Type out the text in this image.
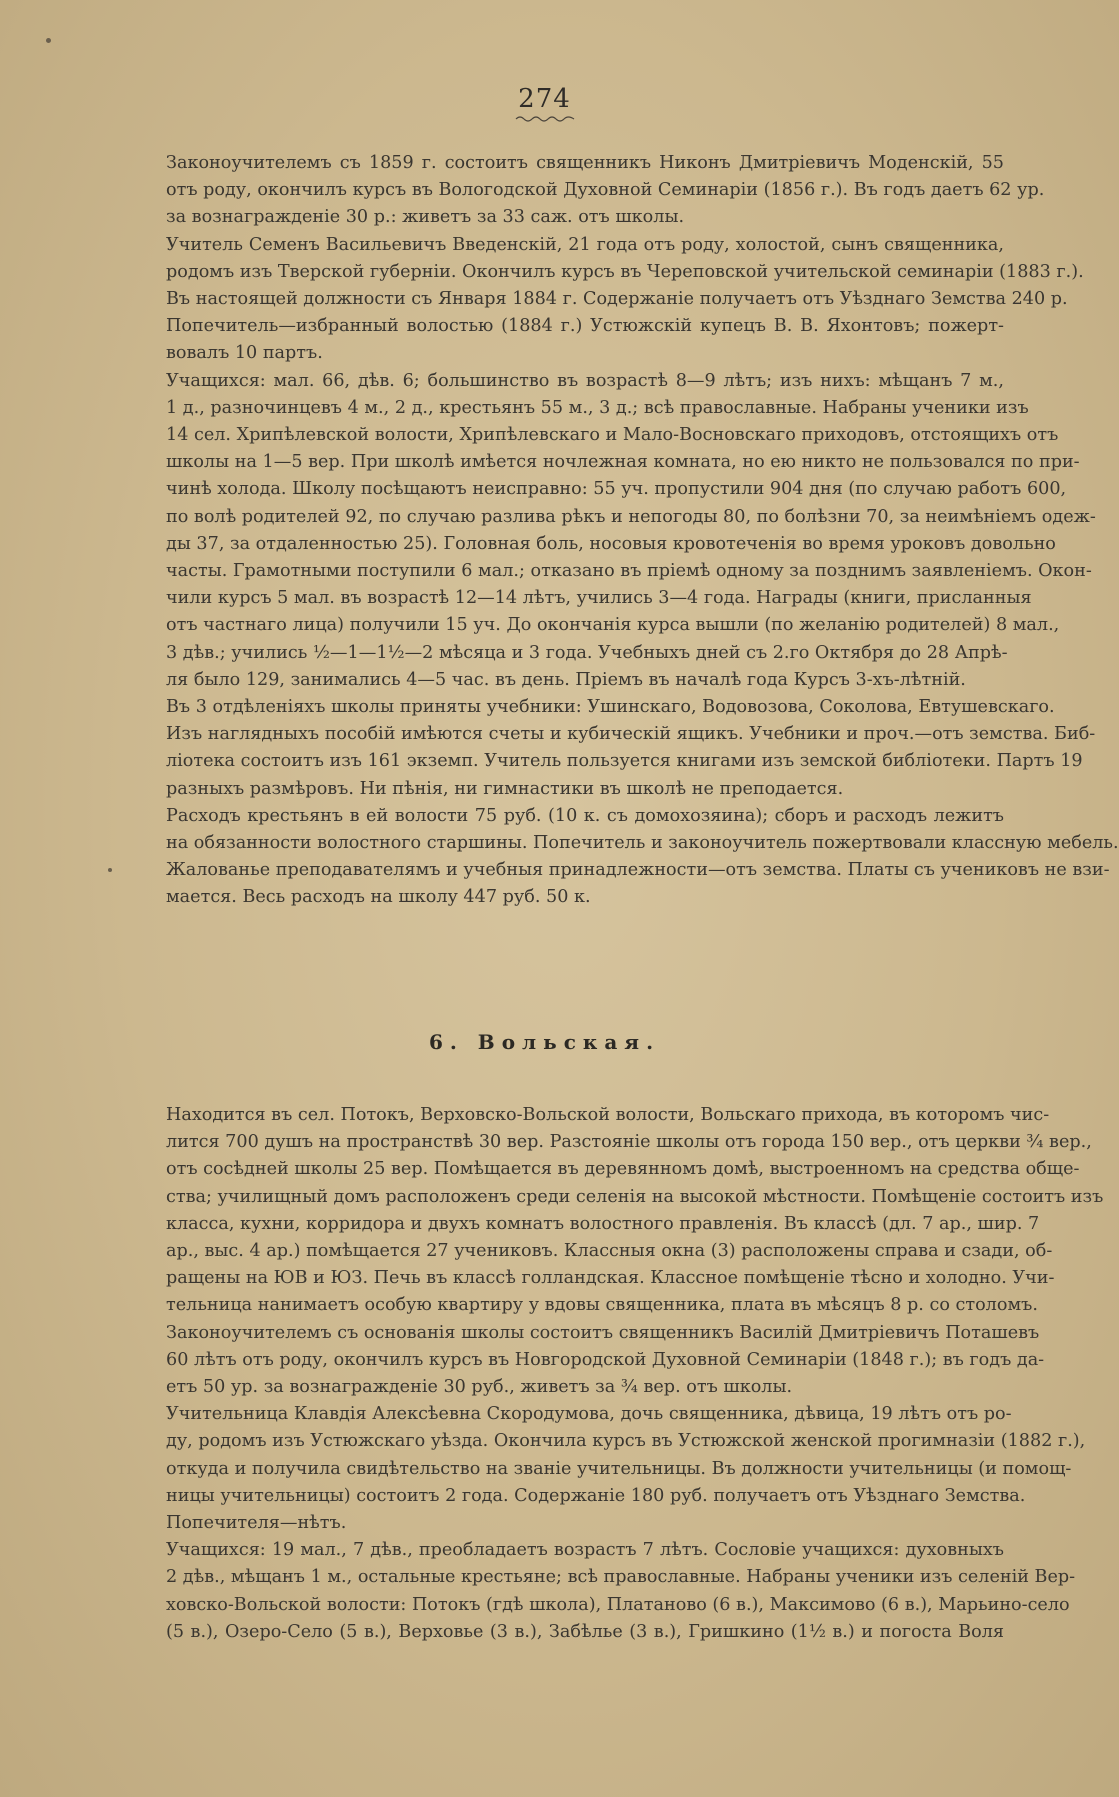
274
Законоучителемъ съ 1859 г. состоитъ священникъ Никонъ Дмитріевичъ Моденскій, 55
отъ роду, окончилъ курсъ въ Вологодской Духовной Семинаріи (1856 г.). Въ годъ даетъ 62 ур.
за вознагражденіе 30 р.: живетъ за 33 саж. отъ школы.
Учитель Семенъ Васильевичъ Введенскій, 21 года отъ роду, холостой, сынъ священника,
родомъ изъ Тверской губерніи. Окончилъ курсъ въ Череповской учительской семинаріи (1883 г.).
Въ настоящей должности съ Января 1884 г. Содержаніе получаетъ отъ Уѣзднаго Земства 240 р.
Попечитель—избранный волостью (1884 г.) Устюжскій купецъ В. В. Яхонтовъ; пожерт-
вовалъ 10 партъ.
Учащихся: мал. 66, дѣв. 6; большинство въ возрастѣ 8—9 лѣтъ; изъ нихъ: мѣщанъ 7 м.,
1 д., разночинцевъ 4 м., 2 д., крестьянъ 55 м., 3 д.; всѣ православные. Набраны ученики изъ
14 сел. Хрипѣлевской волости, Хрипѣлевскаго и Мало-Восновскаго приходовъ, отстоящихъ отъ
школы на 1—5 вер. При школѣ имѣется ночлежная комната, но ею никто не пользовался по при-
чинѣ холода. Школу посѣщаютъ неисправно: 55 уч. пропустили 904 дня (по случаю работъ 600,
по волѣ родителей 92, по случаю разлива рѣкъ и непогоды 80, по болѣзни 70, за неимѣніемъ одеж-
ды 37, за отдаленностью 25). Головная боль, носовыя кровотеченія во время уроковъ довольно
часты. Грамотными поступили 6 мал.; отказано въ пріемѣ одному за позднимъ заявленіемъ. Окон-
чили курсъ 5 мал. въ возрастѣ 12—14 лѣтъ, учились 3—4 года. Награды (книги, присланныя
отъ частнаго лица) получили 15 уч. До окончанія курса вышли (по желанію родителей) 8 мал.,
3 дѣв.; учились ½—1—1½—2 мѣсяца и 3 года. Учебныхъ дней съ 2.го Октября до 28 Апрѣ-
ля было 129, занимались 4—5 час. въ день. Пріемъ въ началѣ года Курсъ 3-хъ-лѣтній.
Въ 3 отдѣленіяхъ школы приняты учебники: Ушинскаго, Водовозова, Соколова, Евтушевскаго.
Изъ наглядныхъ пособій имѣются счеты и кубическій ящикъ. Учебники и проч.—отъ земства. Биб-
ліотека состоитъ изъ 161 экземп. Учитель пользуется книгами изъ земской библіотеки. Партъ 19
разныхъ размѣровъ. Ни пѣнія, ни гимнастики въ школѣ не преподается.
Расходъ крестьянъ в ей волости 75 руб. (10 к. съ домохозяина); сборъ и расходъ лежитъ
на обязанности волостного старшины. Попечитель и законоучитель пожертвовали классную мебель.
Жалованье преподавателямъ и учебныя принадлежности—отъ земства. Платы съ учениковъ не взи-
мается. Весь расходъ на школу 447 руб. 50 к.
6. Вольская.
Находится въ сел. Потокъ, Верховско-Вольской волости, Вольскаго прихода, въ которомъ чис-
лится 700 душъ на пространствѣ 30 вер. Разстояніе школы отъ города 150 вер., отъ церкви ¾ вер.,
отъ сосѣдней школы 25 вер. Помѣщается въ деревянномъ домѣ, выстроенномъ на средства обще-
ства; училищный домъ расположенъ среди селенія на высокой мѣстности. Помѣщеніе состоитъ изъ
класса, кухни, корридора и двухъ комнатъ волостного правленія. Въ классѣ (дл. 7 ар., шир. 7
ар., выс. 4 ар.) помѣщается 27 учениковъ. Классныя окна (3) расположены справа и сзади, об-
ращены на ЮВ и ЮЗ. Печь въ классѣ голландская. Классное помѣщеніе тѣсно и холодно. Учи-
тельница нанимаетъ особую квартиру у вдовы священника, плата въ мѣсяцъ 8 р. со столомъ.
Законоучителемъ съ основанія школы состоитъ священникъ Василій Дмитріевичъ Поташевъ
60 лѣтъ отъ роду, окончилъ курсъ въ Новгородской Духовной Семинаріи (1848 г.); въ годъ да-
етъ 50 ур. за вознагражденіе 30 руб., живетъ за ¾ вер. отъ школы.
Учительница Клавдія Алексѣевна Скородумова, дочь священника, дѣвица, 19 лѣтъ отъ ро-
ду, родомъ изъ Устюжскаго уѣзда. Окончила курсъ въ Устюжской женской прогимназіи (1882 г.),
откуда и получила свидѣтельство на званіе учительницы. Въ должности учительницы (и помощ-
ницы учительницы) состоитъ 2 года. Содержаніе 180 руб. получаетъ отъ Уѣзднаго Земства.
Попечителя—нѣтъ.
Учащихся: 19 мал., 7 дѣв., преобладаетъ возрастъ 7 лѣтъ. Сословіе учащихся: духовныхъ
2 дѣв., мѣщанъ 1 м., остальные крестьяне; всѣ православные. Набраны ученики изъ селеній Вер-
ховско-Вольской волости: Потокъ (гдѣ школа), Платаново (6 в.), Максимово (6 в.), Марьино-село
(5 в.), Озеро-Село (5 в.), Верховье (3 в.), Забѣлье (3 в.), Гришкино (1½ в.) и погоста Воля
